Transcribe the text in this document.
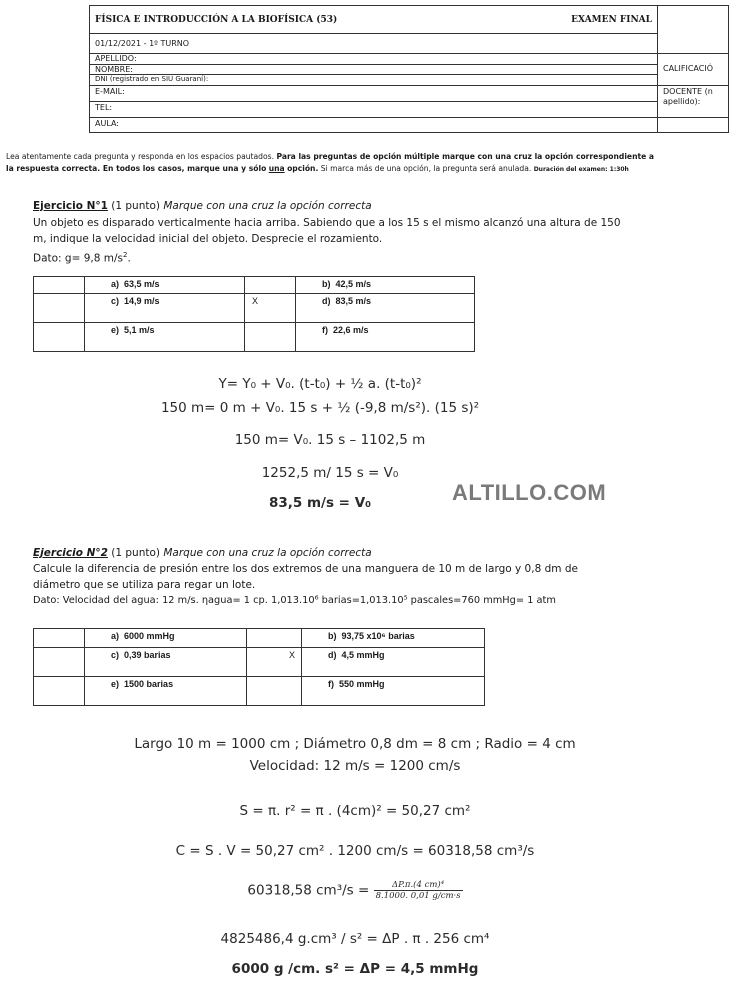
FÍSICA E INTRODUCCIÓN A LA BIOFÍSICA (53)	EXAMEN FINAL	
01/12/2021 - 1º TURNO		

APELLIDO:
NOMBRE:
DNI (registrado en SIU Guaraní):		CALIFICACIÓ
E-MAIL:		DOCENTE (n
apellido):

TEL:		
AULA:		
Lea atentamente cada pregunta y responda en los espacios pautados. Para las preguntas de opción múltiple marque con una cruz la opción correspondiente a
la respuesta correcta. En todos los casos, marque una y sólo una opción. Si marca más de una opción, la pregunta será anulada. Duración del examen: 1:30h
Ejercicio N°1 (1 punto) Marque con una cruz la opción correcta
Un objeto es disparado verticalmente hacia arriba. Sabiendo que a los 15 s el mismo alcanzó una altura de 150
m, indique la velocidad inicial del objeto. Desprecie el rozamiento.
Dato: g= 9,8 $m/s^2$.
	a) 63,5 m/s		b) 42,5 m/s
	c) 14,9 m/s	X	d) 83,5 m/s
	e) 5,1 m/s		f) 22,6 m/s
Y= Y₀ + V₀. (t-t₀) + ½ a. (t-t₀)²
150 m= 0 m + V₀. 15 s + ½ (-9,8 m/s²). (15 s)²
150 m= V₀. 15 s – 1102,5 m
1252,5 m/ 15 s = V₀
83,5 m/s = V₀	ALTILLO.COM
Ejercicio N°2 (1 punto) Marque con una cruz la opción correcta
Calcule la diferencia de presión entre los dos extremos de una manguera de 10 m de largo y 0,8 dm de
diámetro que se utiliza para regar un lote.
Dato: Velocidad del agua: 12 m/s. ηagua= 1 cp. 1,013.10⁶ barias=1,013.10⁵ pascales=760 mmHg= 1 atm
	a) 6000 mmHg		b) 93,75 x10⁶ barias
	c) 0,39 barias	X	d) 4,5 mmHg
	e) 1500 barias		f) 550 mmHg
Largo 10 m = 1000 cm ; Diámetro 0,8 dm = 8 cm ; Radio = 4 cm
Velocidad: 12 m/s = 1200 cm/s
S = π. r² = π . (4cm)² = 50,27 cm²
C = S . V = 50,27 cm² . 1200 cm/s = 60318,58 cm³/s
60318,58 $cm^3/s = \frac{\text{ΔP.π.(4 cm)⁴}}{8.1000. 0,01 g/cm\cdot s}$
4825486,4 g.cm³ / s² = ΔP . π . 256 cm⁴
6000 g /cm. s² = ΔP = 4,5 mmHg
